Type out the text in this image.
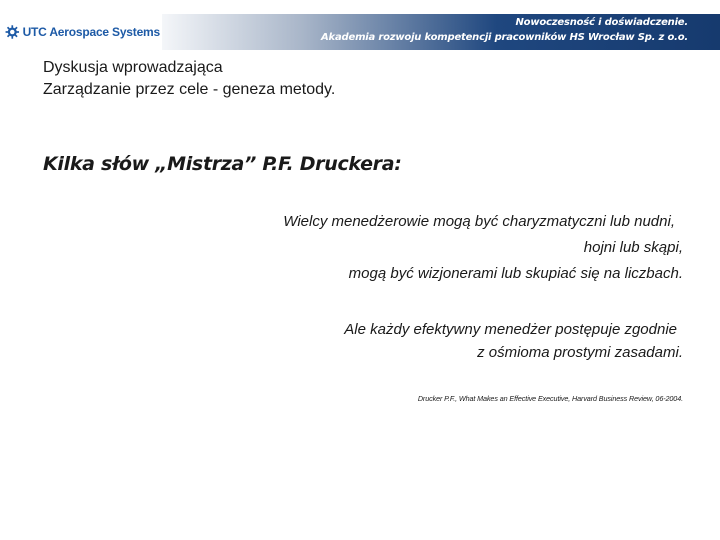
UTC Aerospace Systems
Nowoczesność i doświadczenie.
Akademia rozwoju kompetencji pracowników HS Wrocław Sp. z o.o.
Dyskusja wprowadzająca
Zarządzanie przez cele - geneza metody.
Kilka słów „Mistrza” P.F. Druckera:
Wielcy menedżerowie mogą być charyzmatyczni lub nudni,
hojni lub skąpi,
mogą być wizjonerami lub skupiać się na liczbach.
Ale każdy efektywny menedżer postępuje zgodnie
z ośmioma prostymi zasadami.
Drucker P.F., What Makes an Effective Executive, Harvard Business Review, 06-2004.
